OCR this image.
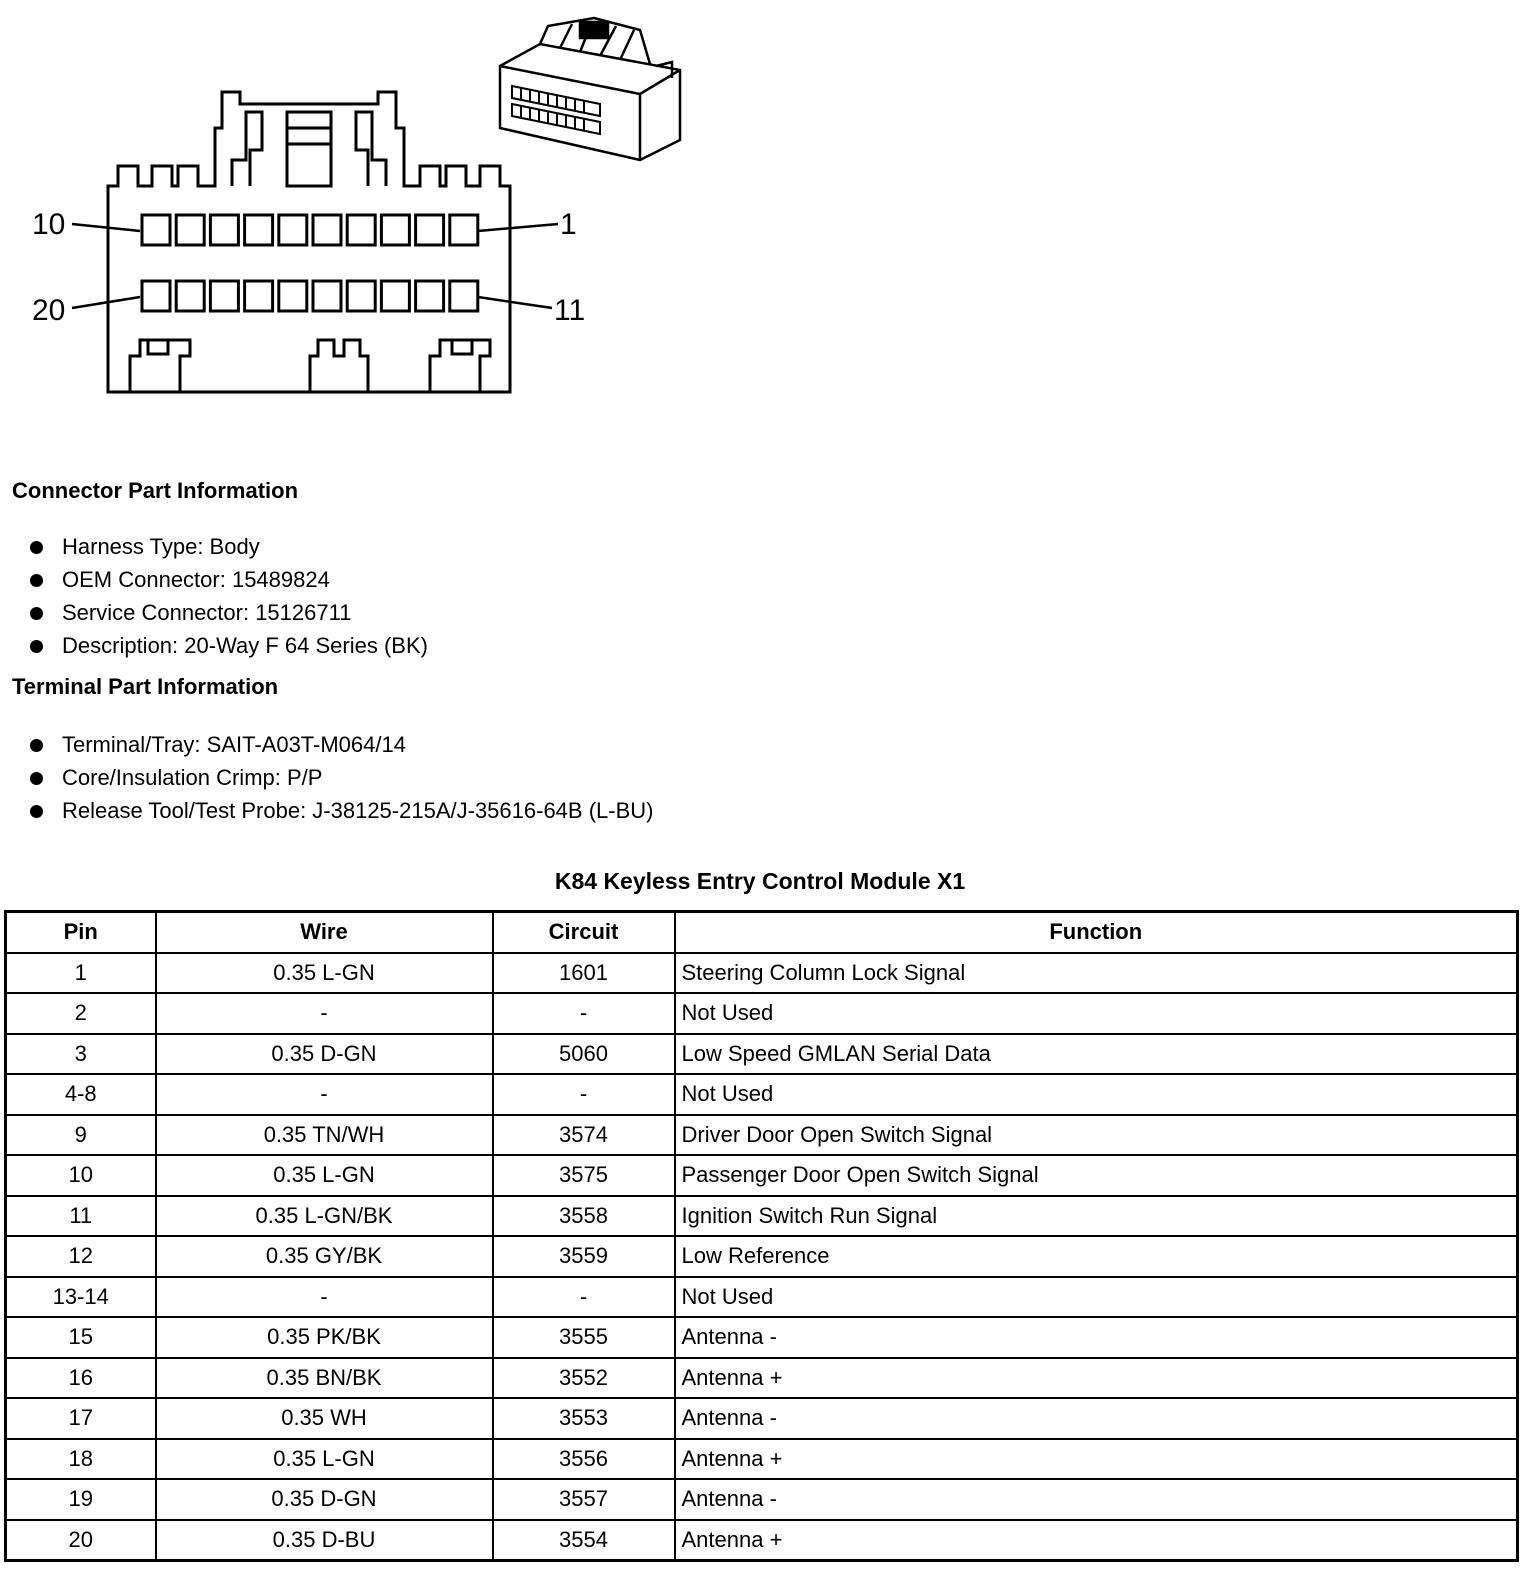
10	1
20	11
Connector Part Information
Harness Type: Body
OEM Connector: 15489824
Service Connector: 15126711
Description: 20-Way F 64 Series (BK)
Terminal Part Information
Terminal/Tray: SAIT-A03T-M064/14
Core/Insulation Crimp: P/P
Release Tool/Test Probe: J-38125-215A/J-35616-64B (L-BU)
K84 Keyless Entry Control Module X1
Pin	Wire	Circuit	Function
1	0.35 L-GN	1601	Steering Column Lock Signal
2	-	-	Not Used
3	0.35 D-GN	5060	Low Speed GMLAN Serial Data
4-8	-	-	Not Used
9	0.35 TN/WH	3574	Driver Door Open Switch Signal
10	0.35 L-GN	3575	Passenger Door Open Switch Signal
11	0.35 L-GN/BK	3558	Ignition Switch Run Signal
12	0.35 GY/BK	3559	Low Reference
13-14	-	-	Not Used
15	0.35 PK/BK	3555	Antenna -
16	0.35 BN/BK	3552	Antenna +
17	0.35 WH	3553	Antenna -
18	0.35 L-GN	3556	Antenna +
19	0.35 D-GN	3557	Antenna -
20	0.35 D-BU	3554	Antenna +
